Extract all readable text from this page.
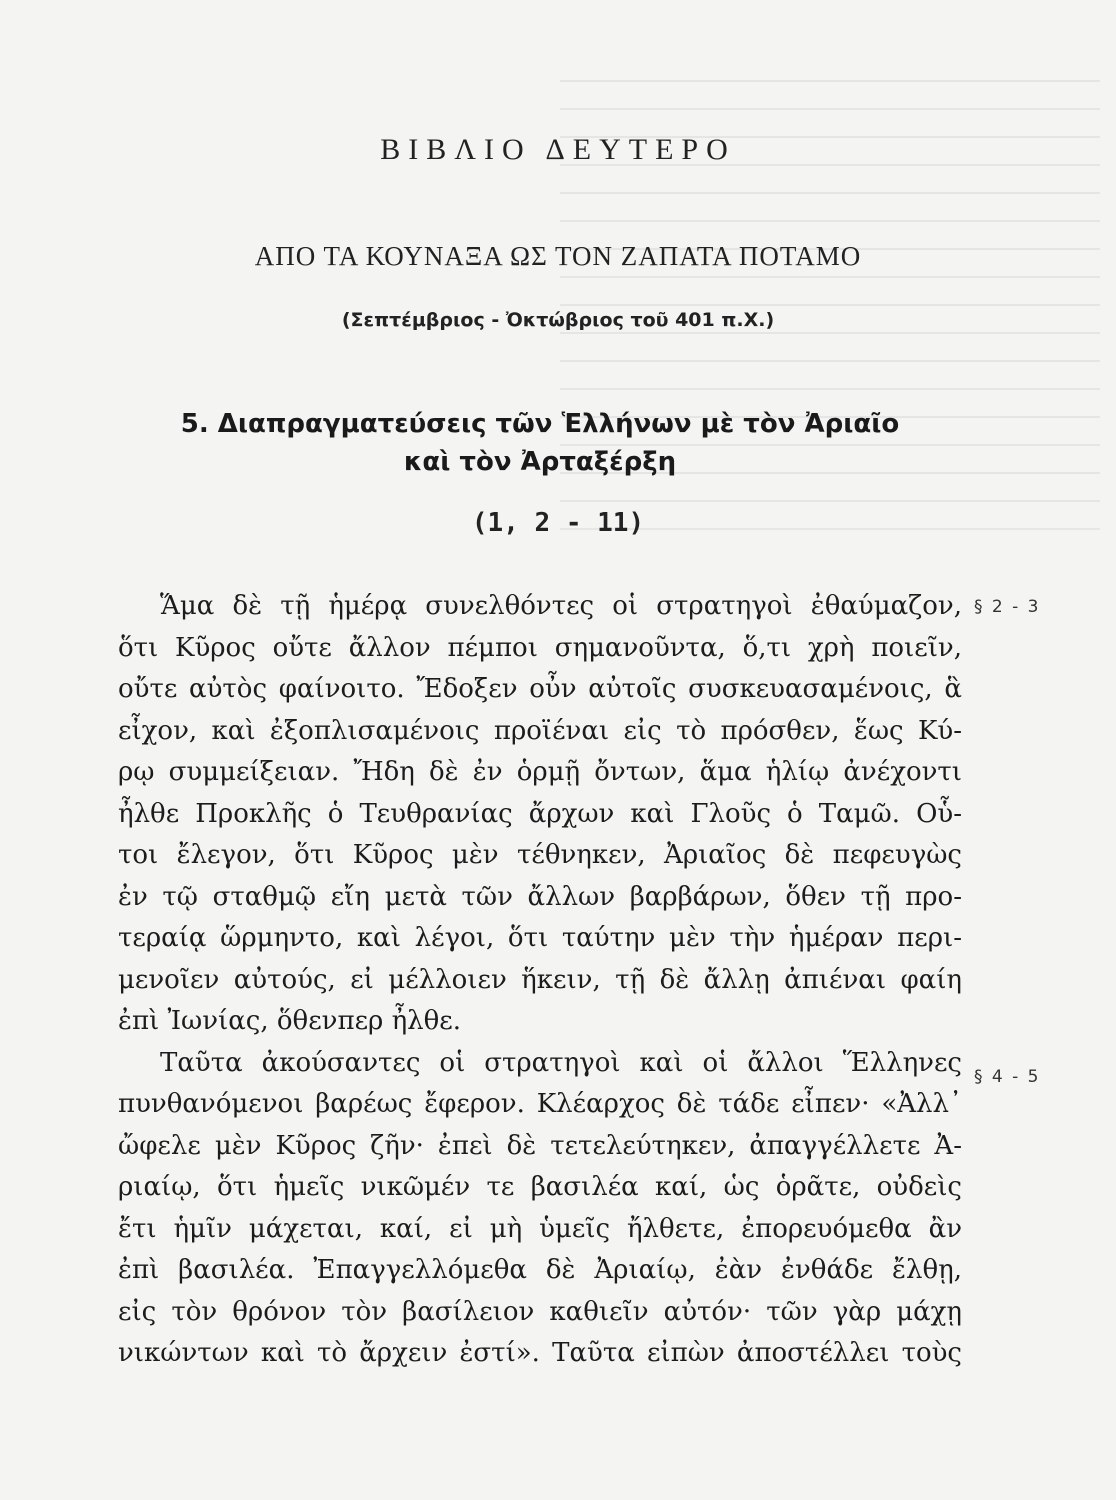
ΒΙΒΛΙΟ ΔΕΥΤΕΡΟ
ΑΠΟ ΤΑ ΚΟΥΝΑΞΑ ΩΣ ΤΟΝ ΖΑΠΑΤΑ ΠΟΤΑΜΟ
(Σεπτέμβριος - Ὀκτώβριος τοῦ 401 π.Χ.)
5. Διαπραγματεύσεις τῶν Ἑλλήνων μὲ τὸν Ἀριαῖο
καὶ τὸν Ἀρταξέρξη
(1, 2 - 11)
Ἅμα δὲ τῇ ἡμέρᾳ συνελθόντες οἱ στρατηγοὶ ἐθαύμαζον,
ὅτι Κῦρος οὔτε ἄλλον πέμποι σημανοῦντα, ὅ,τι χρὴ ποιεῖν,
οὔτε αὐτὸς φαίνοιτο. Ἔδοξεν οὖν αὐτοῖς συσκευασαμένοις, ἃ
εἶχον, καὶ ἐξοπλισαμένοις προϊέναι εἰς τὸ πρόσθεν, ἕως Κύ-
ρῳ συμμείξειαν. Ἤδη δὲ ἐν ὁρμῇ ὄντων, ἅμα ἡλίῳ ἀνέχοντι
ἦλθε Προκλῆς ὁ Τευθρανίας ἄρχων καὶ Γλοῦς ὁ Ταμῶ. Οὗ-
τοι ἔλεγον, ὅτι Κῦρος μὲν τέθνηκεν, Ἀριαῖος δὲ πεφευγὼς
ἐν τῷ σταθμῷ εἴη μετὰ τῶν ἄλλων βαρβάρων, ὅθεν τῇ προ-
τεραίᾳ ὥρμηντο, καὶ λέγοι, ὅτι ταύτην μὲν τὴν ἡμέραν περι-
μενοῖεν αὐτούς, εἰ μέλλοιεν ἥκειν, τῇ δὲ ἄλλῃ ἀπιέναι φαίη
ἐπὶ Ἰωνίας, ὅθενπερ ἦλθε.
Ταῦτα ἀκούσαντες οἱ στρατηγοὶ καὶ οἱ ἄλλοι Ἕλληνες
πυνθανόμενοι βαρέως ἔφερον. Κλέαρχος δὲ τάδε εἶπεν· «Ἀλλ᾽
ὤφελε μὲν Κῦρος ζῆν· ἐπεὶ δὲ τετελεύτηκεν, ἀπαγγέλλετε Ἀ-
ριαίῳ, ὅτι ἡμεῖς νικῶμέν τε βασιλέα καί, ὡς ὁρᾶτε, οὐδεὶς
ἔτι ἡμῖν μάχεται, καί, εἰ μὴ ὑμεῖς ἤλθετε, ἐπορευόμεθα ἂν
ἐπὶ βασιλέα. Ἐπαγγελλόμεθα δὲ Ἀριαίῳ, ἐὰν ἐνθάδε ἔλθῃ,
εἰς τὸν θρόνον τὸν βασίλειον καθιεῖν αὐτόν· τῶν γὰρ μάχῃ
νικώντων καὶ τὸ ἄρχειν ἐστί». Ταῦτα εἰπὼν ἀποστέλλει τοὺς
§ 2 - 3
§ 4 - 5
